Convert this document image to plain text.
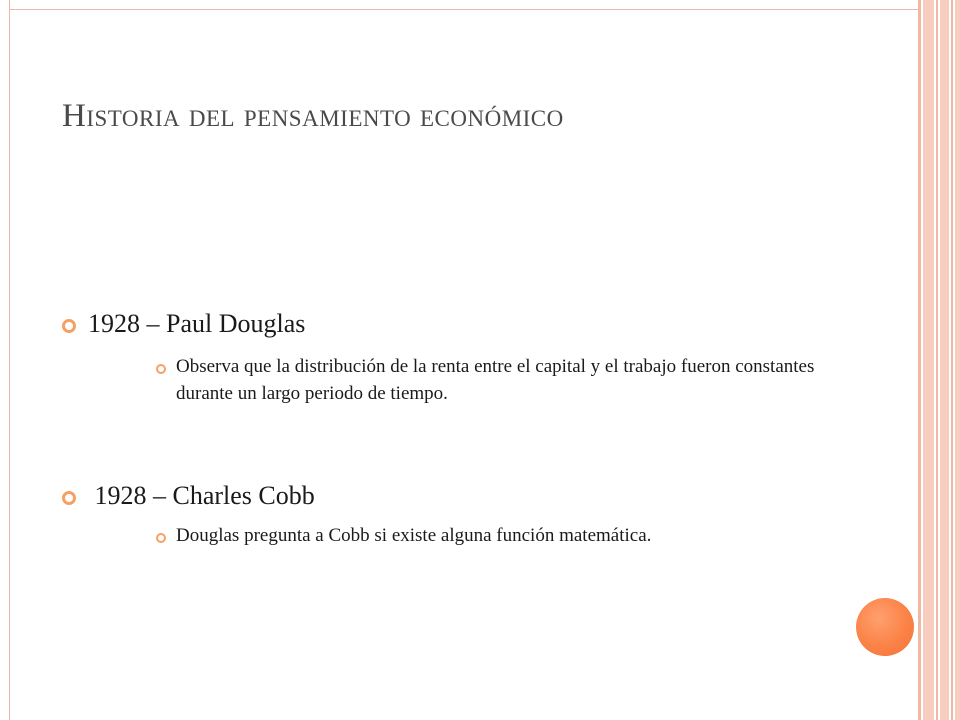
Historia del pensamiento económico
1928 – Paul Douglas
Observa que la distribución de la renta entre el capital y el trabajo fueron constantes durante un largo periodo de tiempo.
1928 – Charles Cobb
Douglas pregunta a Cobb si existe alguna función matemática.
